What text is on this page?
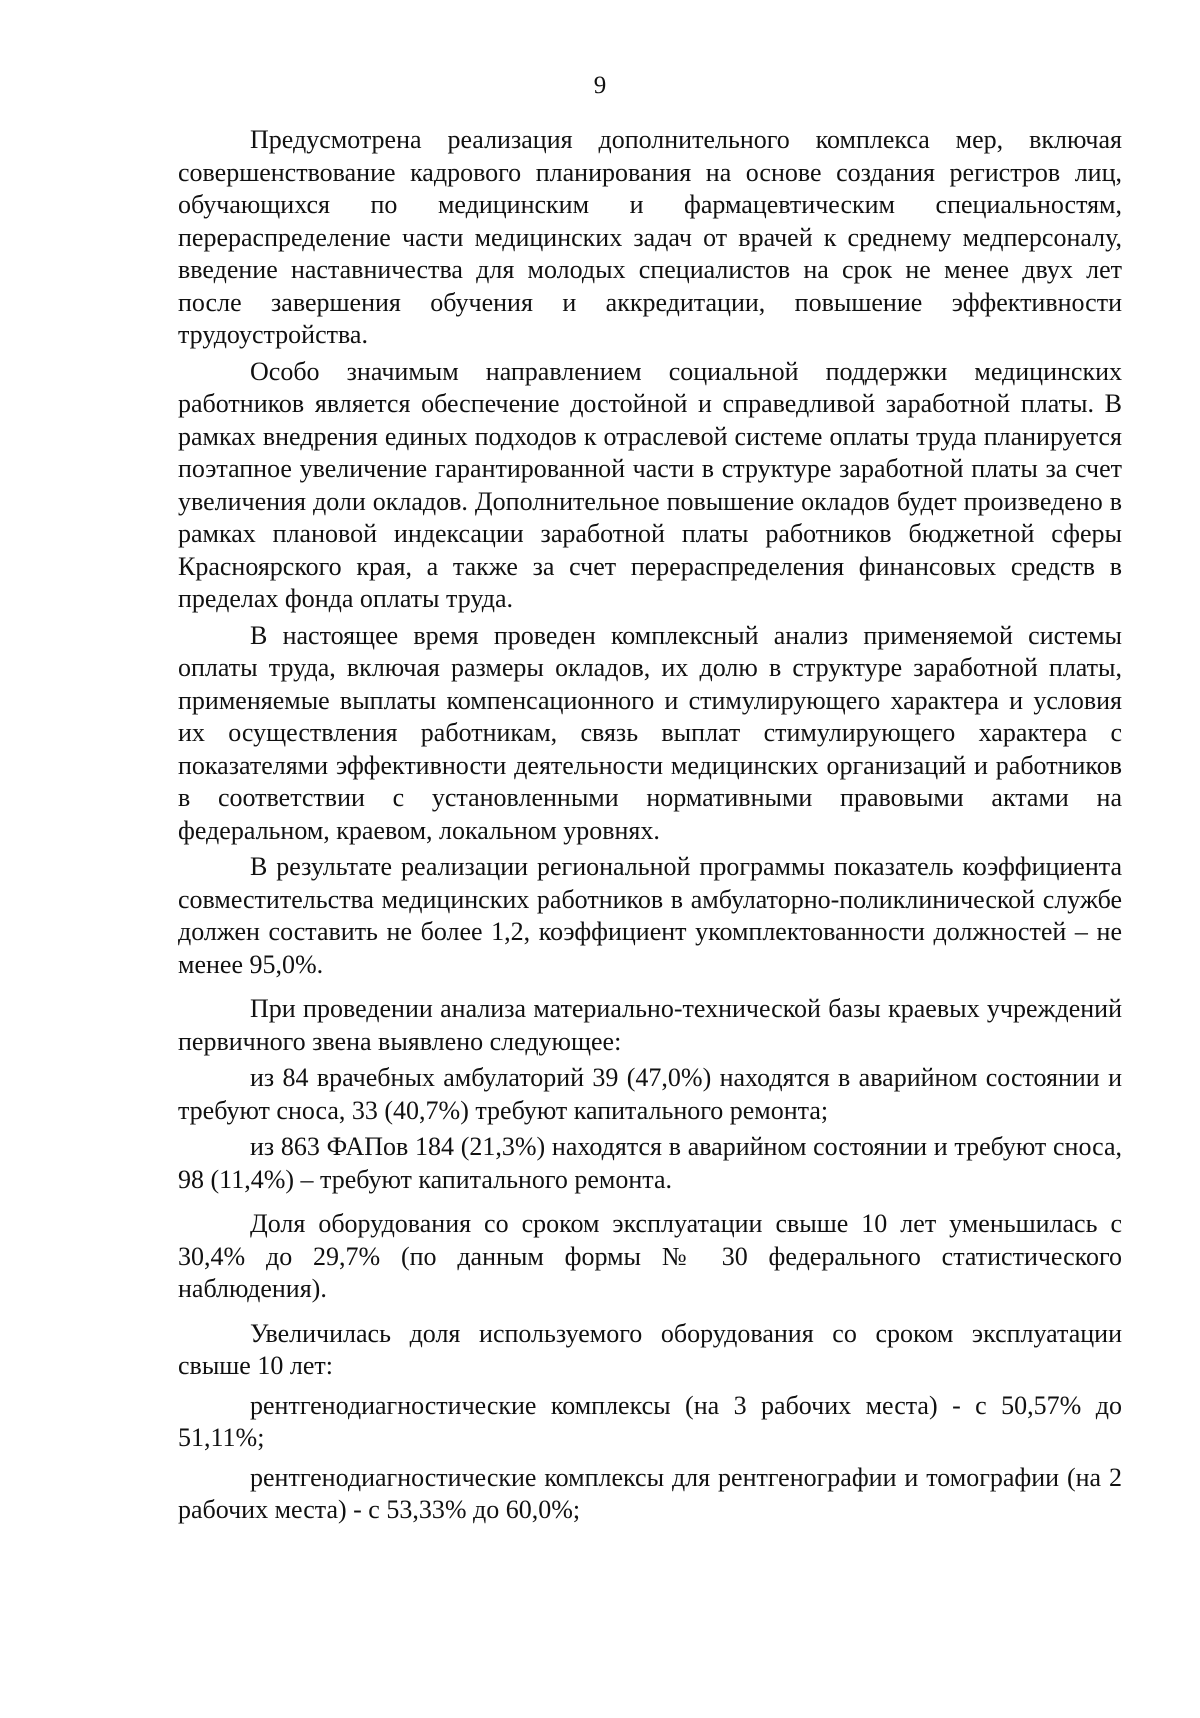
9

Предусмотрена реализация дополнительного комплекса мер, включая совершенствование кадрового планирования на основе создания регистров лиц, обучающихся по медицинским и фармацевтическим специальностям, перераспределение части медицинских задач от врачей к среднему медперсоналу, введение наставничества для молодых специалистов на срок не менее двух лет после завершения обучения и аккредитации, повышение эффективности трудоустройства.

Особо значимым направлением социальной поддержки медицинских работников является обеспечение достойной и справедливой заработной платы. В рамках внедрения единых подходов к отраслевой системе оплаты труда планируется поэтапное увеличение гарантированной части в структуре заработной платы за счет увеличения доли окладов. Дополнительное повышение окладов будет произведено в рамках плановой индексации заработной платы работников бюджетной сферы Красноярского края, а также за счет перераспределения финансовых средств в пределах фонда оплаты труда.

В настоящее время проведен комплексный анализ применяемой системы оплаты труда, включая размеры окладов, их долю в структуре заработной платы, применяемые выплаты компенсационного и стимулирующего характера и условия их осуществления работникам, связь выплат стимулирующего характера с показателями эффективности деятельности медицинских организаций и работников в соответствии с установленными нормативными правовыми актами на федеральном, краевом, локальном уровнях.

В результате реализации региональной программы показатель коэффициента совместительства медицинских работников в амбулаторно-поликлинической службе должен составить не более 1,2, коэффициент укомплектованности должностей – не менее 95,0%.

При проведении анализа материально-технической базы краевых учреждений первичного звена выявлено следующее:

из 84 врачебных амбулаторий 39 (47,0%) находятся в аварийном состоянии и требуют сноса, 33 (40,7%) требуют капитального ремонта;

из 863 ФАПов 184 (21,3%) находятся в аварийном состоянии и требуют сноса, 98 (11,4%) – требуют капитального ремонта.

Доля оборудования со сроком эксплуатации свыше 10 лет уменьшилась с 30,4% до 29,7% (по данным формы № 30 федерального статистического наблюдения).

Увеличилась доля используемого оборудования со сроком эксплуатации свыше 10 лет:

рентгенодиагностические комплексы (на 3 рабочих места) - с 50,57% до 51,11%;

рентгенодиагностические комплексы для рентгенографии и томографии (на 2 рабочих места) - с 53,33% до 60,0%;
